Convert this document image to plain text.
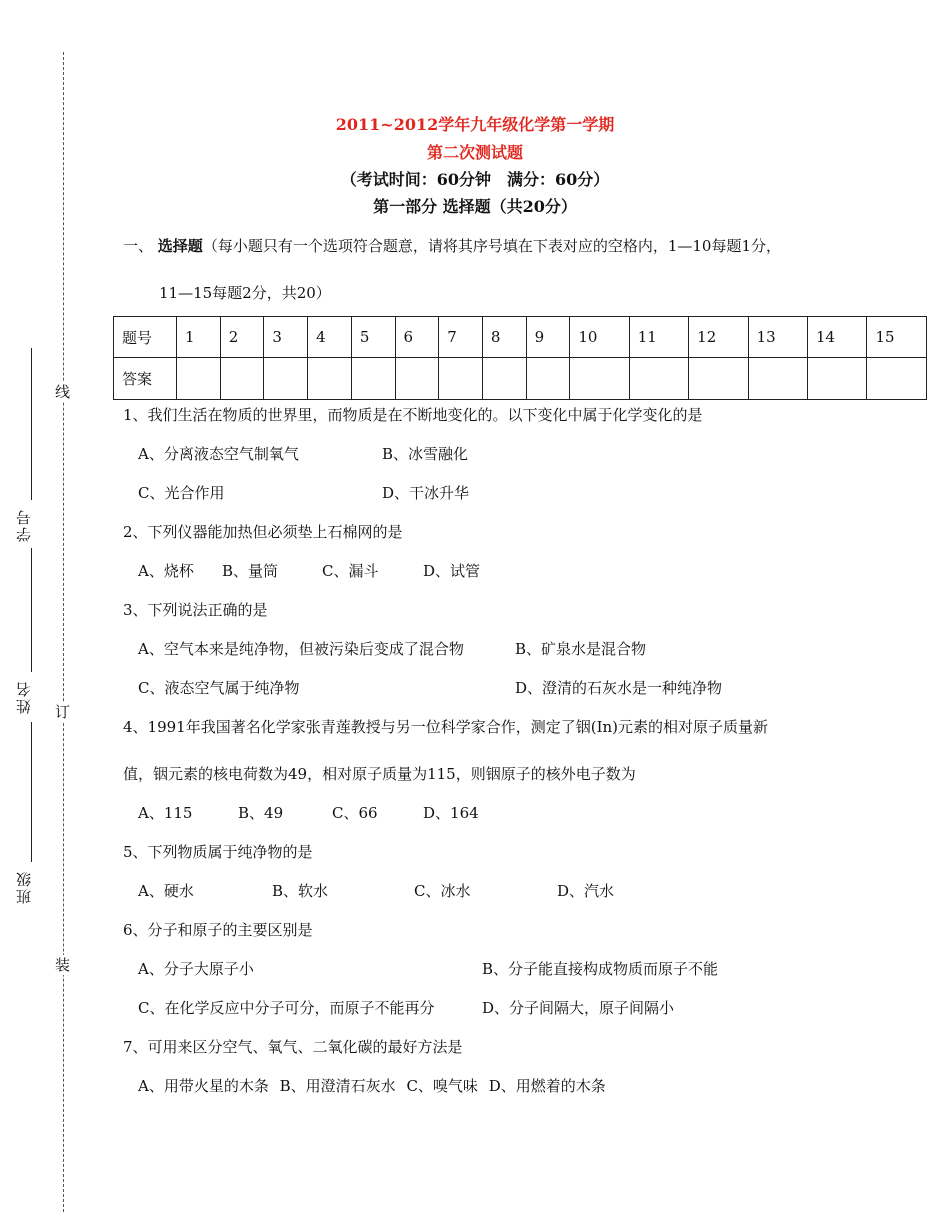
线
订
装
学号
姓名
班级
2011~2012学年九年级化学第一学期
第二次测试题
（考试时间：60分钟　满分：60分）
第一部分 选择题（共20分）
一、 选择题（每小题只有一个选项符合题意，请将其序号填在下表对应的空格内，1—10每题1分，
11—15每题2分，共20）
题号	1	2	3	4	5	6	7	8	9	10	11	12	13	14	15
答案															
1、我们生活在物质的世界里，而物质是在不断地变化的。以下变化中属于化学变化的是
A、分离液态空气制氧气	B、冰雪融化
C、光合作用	D、干冰升华
2、下列仪器能加热但必须垫上石棉网的是
A、烧杯 B、量筒	C、漏斗	D、试管
3、下列说法正确的是
A、空气本来是纯净物，但被污染后变成了混合物	B、矿泉水是混合物
C、液态空气属于纯净物	D、澄清的石灰水是一种纯净物
4、1991年我国著名化学家张青莲教授与另一位科学家合作，测定了铟(In)元素的相对原子质量新
值，铟元素的核电荷数为49，相对原子质量为115，则铟原子的核外电子数为
A、115	B、49	C、66	D、164
5、下列物质属于纯净物的是
A、硬水	B、软水	C、冰水	D、汽水
6、分子和原子的主要区别是
A、分子大原子小	B、分子能直接构成物质而原子不能
C、在化学反应中分子可分，而原子不能再分	D、分子间隔大，原子间隔小
7、可用来区分空气、氧气、二氧化碳的最好方法是
A、用带火星的木条 B、用澄清石灰水 C、嗅气味 D、用燃着的木条
